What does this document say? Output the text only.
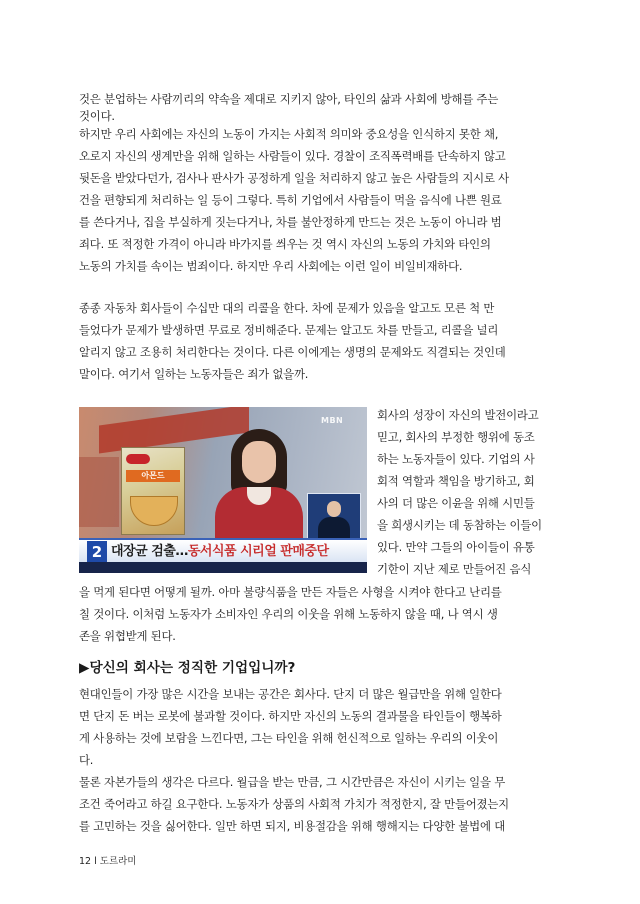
것은 분업하는 사람끼리의 약속을 제대로 지키지 않아, 타인의 삶과 사회에 방해를 주는
것이다.
하지만 우리 사회에는 자신의 노동이 가지는 사회적 의미와 중요성을 인식하지 못한 채,
오로지 자신의 생계만을 위해 일하는 사람들이 있다. 경찰이 조직폭력배를 단속하지 않고
뒷돈을 받았다던가, 검사나 판사가 공정하게 일을 처리하지 않고 높은 사람들의 지시로 사
건을 편향되게 처리하는 일 등이 그렇다. 특히 기업에서 사람들이 먹을 음식에 나쁜 원료
를 쓴다거나, 집을 부실하게 짓는다거나, 차를 불안정하게 만드는 것은 노동이 아니라 범
죄다. 또 적정한 가격이 아니라 바가지를 씌우는 것 역시 자신의 노동의 가치와 타인의
노동의 가치를 속이는 범죄이다. 하지만 우리 사회에는 이런 일이 비일비재하다.
종종 자동차 회사들이 수십만 대의 리콜을 한다. 차에 문제가 있음을 알고도 모른 척 만
들었다가 문제가 발생하면 무료로 정비해준다. 문제는 알고도 차를 만들고, 리콜을 널리
알리지 않고 조용히 처리한다는 것이다. 다른 이에게는 생명의 문제와도 직결되는 것인데
말이다. 여기서 일하는 노동자들은 죄가 없을까.
아몬드
MBN
2 대장균 검출…동서식품 시리얼 판매중단
회사의 성장이 자신의 발전이라고
믿고, 회사의 부정한 행위에 동조
하는 노동자들이 있다. 기업의 사
회적 역할과 책임을 방기하고, 회
사의 더 많은 이윤을 위해 시민들
을 희생시키는 데 동참하는 이들이
있다. 만약 그들의 아이들이 유통
기한이 지난 제로 만들어진 음식
을 먹게 된다면 어떻게 될까. 아마 불량식품을 만든 자들은 사형을 시켜야 한다고 난리를
칠 것이다. 이처럼 노동자가 소비자인 우리의 이웃을 위해 노동하지 않을 때, 나 역시 생
존을 위협받게 된다.
▶당신의 회사는 정직한 기업입니까?
현대인들이 가장 많은 시간을 보내는 공간은 회사다. 단지 더 많은 월급만을 위해 일한다
면 단지 돈 버는 로봇에 불과할 것이다. 하지만 자신의 노동의 결과물을 타인들이 행복하
게 사용하는 것에 보람을 느낀다면, 그는 타인을 위해 헌신적으로 일하는 우리의 이웃이
다.
물론 자본가들의 생각은 다르다. 월급을 받는 만큼, 그 시간만큼은 자신이 시키는 일을 무
조건 죽어라고 하길 요구한다. 노동자가 상품의 사회적 가치가 적정한지, 잘 만들어졌는지
를 고민하는 것을 싫어한다. 일만 하면 되지, 비용절감을 위해 행해지는 다양한 불법에 대
12 l 도르라미
